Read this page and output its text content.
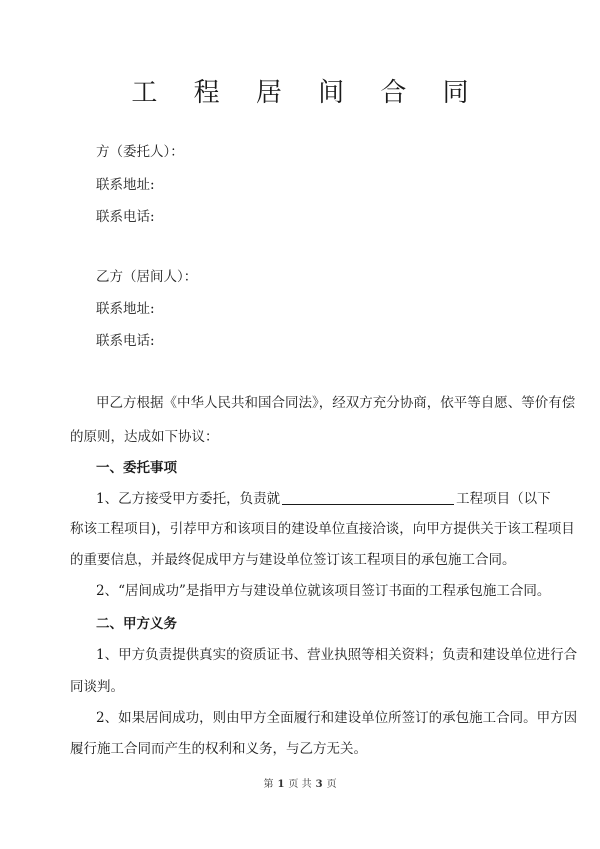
工 程 居 间 合 同
方（委托人）：
联系地址:
联系电话:
乙方（居间人）：
联系地址:
联系电话:
甲乙方根据《中华人民共和国合同法》，经双方充分协商，依平等自愿、等价有偿
的原则，达成如下协议：
一、委托事项
1、乙方接受甲方委托，负责就	工程项目（以下
称该工程项目)，引荐甲方和该项目的建设单位直接洽谈，向甲方提供关于该工程项目
的重要信息，并最终促成甲方与建设单位签订该工程项目的承包施工合同。
2、“居间成功”是指甲方与建设单位就该项目签订书面的工程承包施工合同。
二、甲方义务
1、甲方负责提供真实的资质证书、营业执照等相关资料；负责和建设单位进行合
同谈判。
2、如果居间成功，则由甲方全面履行和建设单位所签订的承包施工合同。甲方因
履行施工合同而产生的权利和义务，与乙方无关。
第 1 页 共 3 页
